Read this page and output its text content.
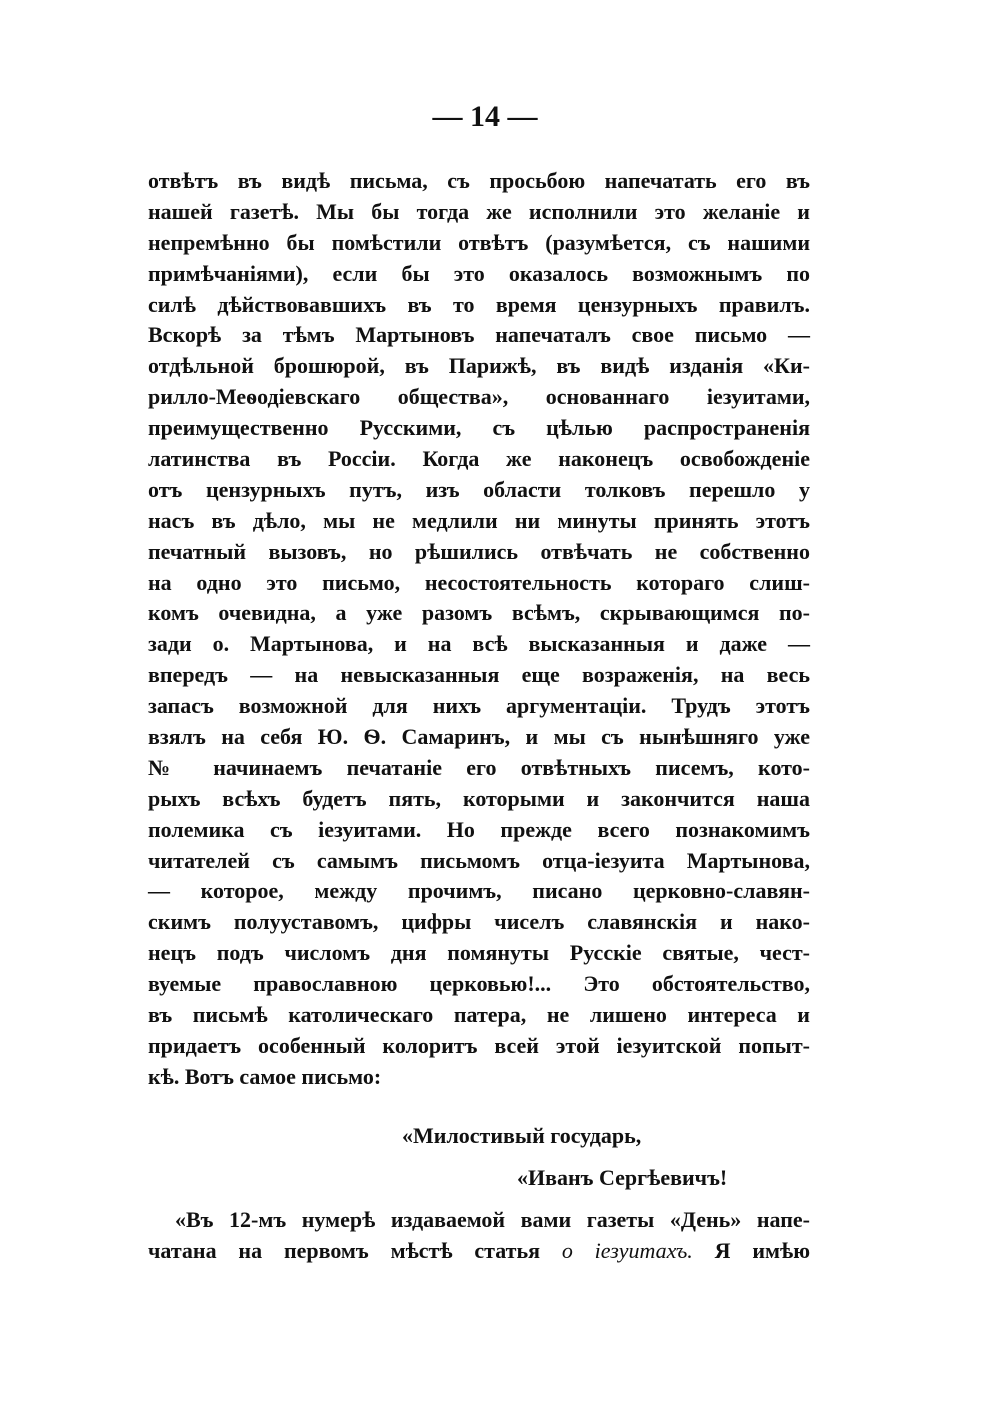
— 14 —
отвѣтъ въ видѣ письма, съ просьбою напечатать его въ
нашей газетѣ. Мы бы тогда же исполнили это желаніе и
непремѣнно бы помѣстили отвѣтъ (разумѣется, съ нашими
примѣчаніями), если бы это оказалось возможнымъ по
силѣ дѣйствовавшихъ въ то время цензурныхъ правилъ.
Вскорѣ за тѣмъ Мартыновъ напечаталъ свое письмо —
отдѣльной брошюрой, въ Парижѣ, въ видѣ изданія «Ки-
рилло-Меѳодіевскаго общества», основаннаго іезуитами,
преимущественно Русскими, съ цѣлью распространенія
латинства въ Россіи. Когда же наконецъ освобожденіе
отъ цензурныхъ путъ, изъ области толковъ перешло у
насъ въ дѣло, мы не медлили ни минуты принять этотъ
печатный вызовъ, но рѣшились отвѣчать не собственно
на одно это письмо, несостоятельность котораго слиш-
комъ очевидна, а уже разомъ всѣмъ, скрывающимся по-
зади о. Мартынова, и на всѣ высказанныя и даже —
впередъ — на невысказанныя еще возраженія, на весь
запасъ возможной для нихъ аргументаціи. Трудъ этотъ
взялъ на себя Ю. Ѳ. Самаринъ, и мы съ нынѣшняго уже
№ начинаемъ печатаніе его отвѣтныхъ писемъ, кото-
рыхъ всѣхъ будетъ пять, которыми и закончится наша
полемика съ іезуитами. Но прежде всего познакомимъ
читателей съ самымъ письмомъ отца-іезуита Мартынова,
— которое, между прочимъ, писано церковно-славян-
скимъ полууставомъ, цифры чиселъ славянскія и нако-
нецъ подъ числомъ дня помянуты Русскіе святые, чест-
вуемые православною церковью!... Это обстоятельство,
въ письмѣ католическаго патера, не лишено интереса и
придаетъ особенный колоритъ всей этой іезуитской попыт-
кѣ. Вотъ самое письмо:
«Милостивый государь,
«Иванъ Сергѣевичъ!
«Въ 12-мъ нумерѣ издаваемой вами газеты «День» напе-
чатана на первомъ мѣстѣ статья о іезуитахъ. Я имѣю
